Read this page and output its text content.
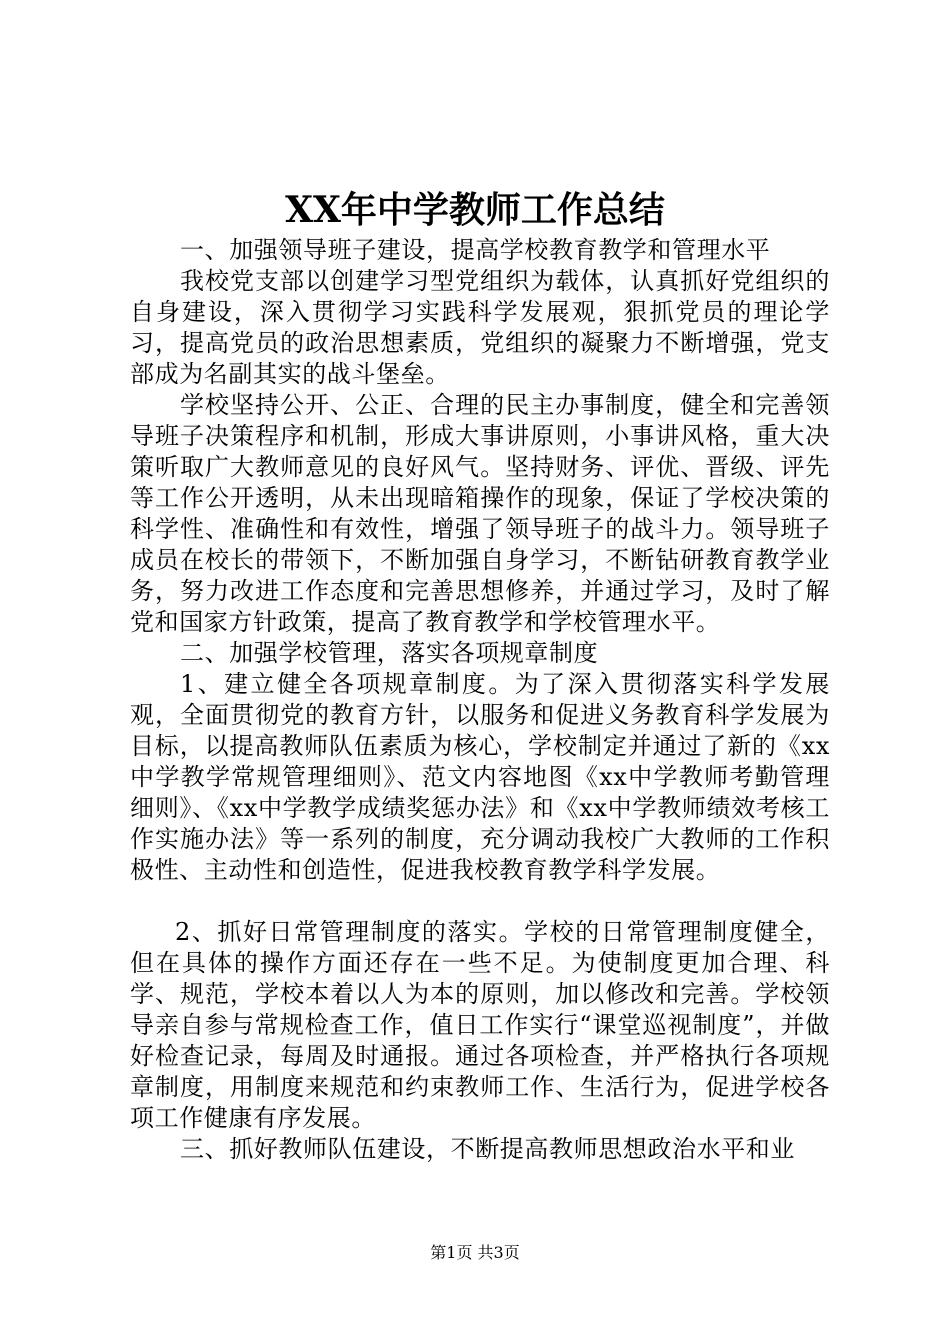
XX年中学教师工作总结

一、加强领导班子建设，提高学校教育教学和管理水平

我校党支部以创建学习型党组织为载体，认真抓好党组织的自身建设，深入贯彻学习实践科学发展观，狠抓党员的理论学习，提高党员的政治思想素质，党组织的凝聚力不断增强，党支部成为名副其实的战斗堡垒。

学校坚持公开、公正、合理的民主办事制度，健全和完善领导班子决策程序和机制，形成大事讲原则，小事讲风格，重大决策听取广大教师意见的良好风气。坚持财务、评优、晋级、评先等工作公开透明，从未出现暗箱操作的现象，保证了学校决策的科学性、准确性和有效性，增强了领导班子的战斗力。领导班子成员在校长的带领下，不断加强自身学习，不断钻研教育教学业务，努力改进工作态度和完善思想修养，并通过学习，及时了解党和国家方针政策，提高了教育教学和学校管理水平。

二、加强学校管理，落实各项规章制度

1、建立健全各项规章制度。为了深入贯彻落实科学发展观，全面贯彻党的教育方针，以服务和促进义务教育科学发展为目标，以提高教师队伍素质为核心，学校制定并通过了新的《xx中学教学常规管理细则》、范文内容地图《xx中学教师考勤管理细则》、《xx中学教学成绩奖惩办法》和《xx中学教师绩效考核工作实施办法》等一系列的制度，充分调动我校广大教师的工作积极性、主动性和创造性，促进我校教育教学科学发展。

2、抓好日常管理制度的落实。学校的日常管理制度健全，但在具体的操作方面还存在一些不足。为使制度更加合理、科学、规范，学校本着以人为本的原则，加以修改和完善。学校领导亲自参与常规检查工作，值日工作实行“课堂巡视制度”，并做好检查记录，每周及时通报。通过各项检查，并严格执行各项规章制度，用制度来规范和约束教师工作、生活行为，促进学校各项工作健康有序发展。

三、抓好教师队伍建设，不断提高教师思想政治水平和业

第1页 共3页
